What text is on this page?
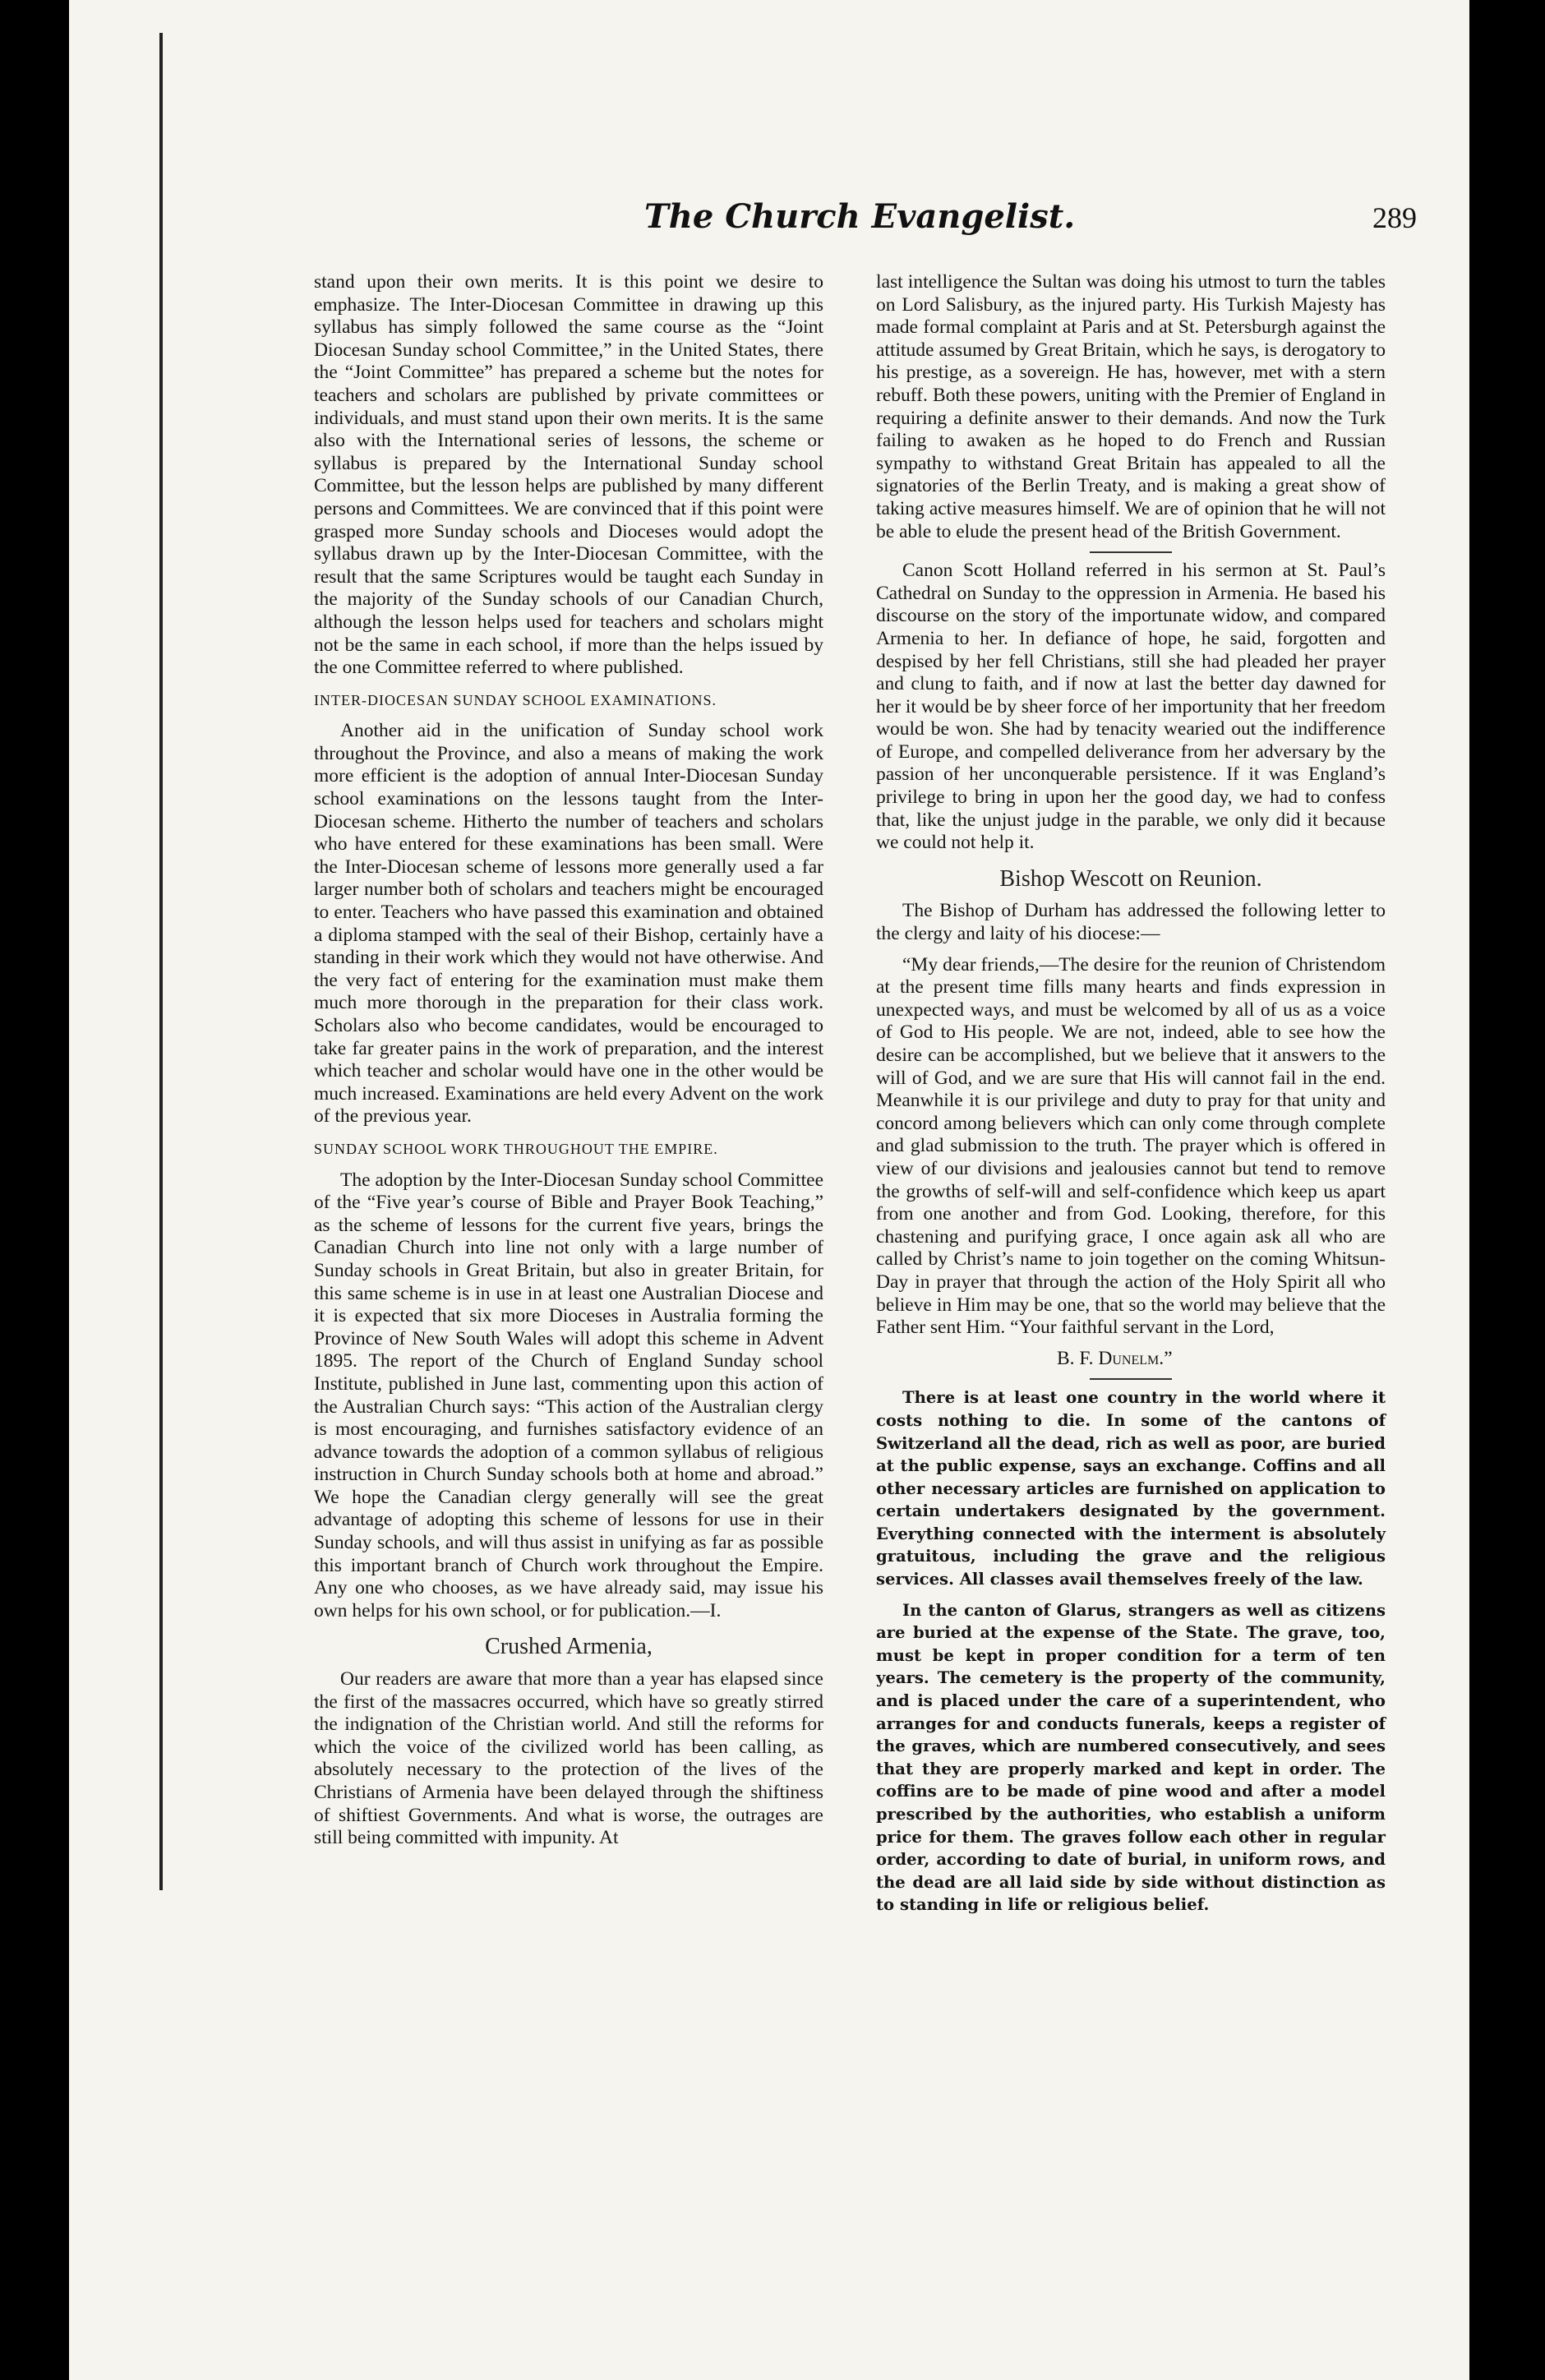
The Church Evangelist.	289

stand upon their own merits. It is this point we desire to emphasize. The Inter-Diocesan Committee in drawing up this syllabus has simply followed the same course as the “Joint Diocesan Sunday school Committee,” in the United States, there the “Joint Committee” has prepared a scheme but the notes for teachers and scholars are published by private committees or individuals, and must stand upon their own merits. It is the same also with the International series of lessons, the scheme or syllabus is prepared by the International Sunday school Committee, but the lesson helps are published by many different persons and Committees. We are convinced that if this point were grasped more Sunday schools and Dioceses would adopt the syllabus drawn up by the Inter-Diocesan Committee, with the result that the same Scriptures would be taught each Sunday in the majority of the Sunday schools of our Canadian Church, although the lesson helps used for teachers and scholars might not be the same in each school, if more than the helps issued by the one Committee referred to where published.

INTER-DIOCESAN SUNDAY SCHOOL EXAMINATIONS.

Another aid in the unification of Sunday school work throughout the Province, and also a means of making the work more efficient is the adoption of annual Inter-Diocesan Sunday school examinations on the lessons taught from the Inter-Diocesan scheme. Hitherto the number of teachers and scholars who have entered for these examinations has been small. Were the Inter-Diocesan scheme of lessons more generally used a far larger number both of scholars and teachers might be encouraged to enter. Teachers who have passed this examination and obtained a diploma stamped with the seal of their Bishop, certainly have a standing in their work which they would not have otherwise. And the very fact of entering for the examination must make them much more thorough in the preparation for their class work. Scholars also who become candidates, would be encouraged to take far greater pains in the work of preparation, and the interest which teacher and scholar would have one in the other would be much increased. Examinations are held every Advent on the work of the previous year.

SUNDAY SCHOOL WORK THROUGHOUT THE EMPIRE.

The adoption by the Inter-Diocesan Sunday school Committee of the “Five year’s course of Bible and Prayer Book Teaching,” as the scheme of lessons for the current five years, brings the Canadian Church into line not only with a large number of Sunday schools in Great Britain, but also in greater Britain, for this same scheme is in use in at least one Australian Diocese and it is expected that six more Dioceses in Australia forming the Province of New South Wales will adopt this scheme in Advent 1895. The report of the Church of England Sunday school Institute, published in June last, commenting upon this action of the Australian Church says: “This action of the Australian clergy is most encouraging, and furnishes satisfactory evidence of an advance towards the adoption of a common syllabus of religious instruction in Church Sunday schools both at home and abroad.” We hope the Canadian clergy generally will see the great advantage of adopting this scheme of lessons for use in their Sunday schools, and will thus assist in unifying as far as possible this important branch of Church work throughout the Empire. Any one who chooses, as we have already said, may issue his own helps for his own school, or for publication.—I.

Crushed Armenia,

Our readers are aware that more than a year has elapsed since the first of the massacres occurred, which have so greatly stirred the indignation of the Christian world. And still the reforms for which the voice of the civilized world has been calling, as absolutely necessary to the protection of the lives of the Christians of Armenia have been delayed through the shiftiness of shiftiest Governments. And what is worse, the outrages are still being committed with impunity. At

last intelligence the Sultan was doing his utmost to turn the tables on Lord Salisbury, as the injured party. His Turkish Majesty has made formal complaint at Paris and at St. Petersburgh against the attitude assumed by Great Britain, which he says, is derogatory to his prestige, as a sovereign. He has, however, met with a stern rebuff. Both these powers, uniting with the Premier of England in requiring a definite answer to their demands. And now the Turk failing to awaken as he hoped to do French and Russian sympathy to withstand Great Britain has appealed to all the signatories of the Berlin Treaty, and is making a great show of taking active measures himself. We are of opinion that he will not be able to elude the present head of the British Government.

Canon Scott Holland referred in his sermon at St. Paul’s Cathedral on Sunday to the oppression in Armenia. He based his discourse on the story of the importunate widow, and compared Armenia to her. In defiance of hope, he said, forgotten and despised by her fell Christians, still she had pleaded her prayer and clung to faith, and if now at last the better day dawned for her it would be by sheer force of her importunity that her freedom would be won. She had by tenacity wearied out the indifference of Europe, and compelled deliverance from her adversary by the passion of her unconquerable persistence. If it was England’s privilege to bring in upon her the good day, we had to confess that, like the unjust judge in the parable, we only did it because we could not help it.

Bishop Wescott on Reunion.

The Bishop of Durham has addressed the following letter to the clergy and laity of his diocese:—

“My dear friends,—The desire for the reunion of Christendom at the present time fills many hearts and finds expression in unexpected ways, and must be welcomed by all of us as a voice of God to His people. We are not, indeed, able to see how the desire can be accomplished, but we believe that it answers to the will of God, and we are sure that His will cannot fail in the end. Meanwhile it is our privilege and duty to pray for that unity and concord among believers which can only come through complete and glad submission to the truth. The prayer which is offered in view of our divisions and jealousies cannot but tend to remove the growths of self-will and self-confidence which keep us apart from one another and from God. Looking, therefore, for this chastening and purifying grace, I once again ask all who are called by Christ’s name to join together on the coming Whitsun-Day in prayer that through the action of the Holy Spirit all who believe in Him may be one, that so the world may believe that the Father sent Him. “Your faithful servant in the Lord,

B. F. Dunelm.”

There is at least one country in the world where it costs nothing to die. In some of the cantons of Switzerland all the dead, rich as well as poor, are buried at the public expense, says an exchange. Coffins and all other necessary articles are furnished on application to certain undertakers designated by the government. Everything connected with the interment is absolutely gratuitous, including the grave and the religious services. All classes avail themselves freely of the law.

In the canton of Glarus, strangers as well as citizens are buried at the expense of the State. The grave, too, must be kept in proper condition for a term of ten years. The cemetery is the property of the community, and is placed under the care of a superintendent, who arranges for and conducts funerals, keeps a register of the graves, which are numbered consecutively, and sees that they are properly marked and kept in order. The coffins are to be made of pine wood and after a model prescribed by the authorities, who establish a uniform price for them. The graves follow each other in regular order, according to date of burial, in uniform rows, and the dead are all laid side by side without distinction as to standing in life or religious belief.
